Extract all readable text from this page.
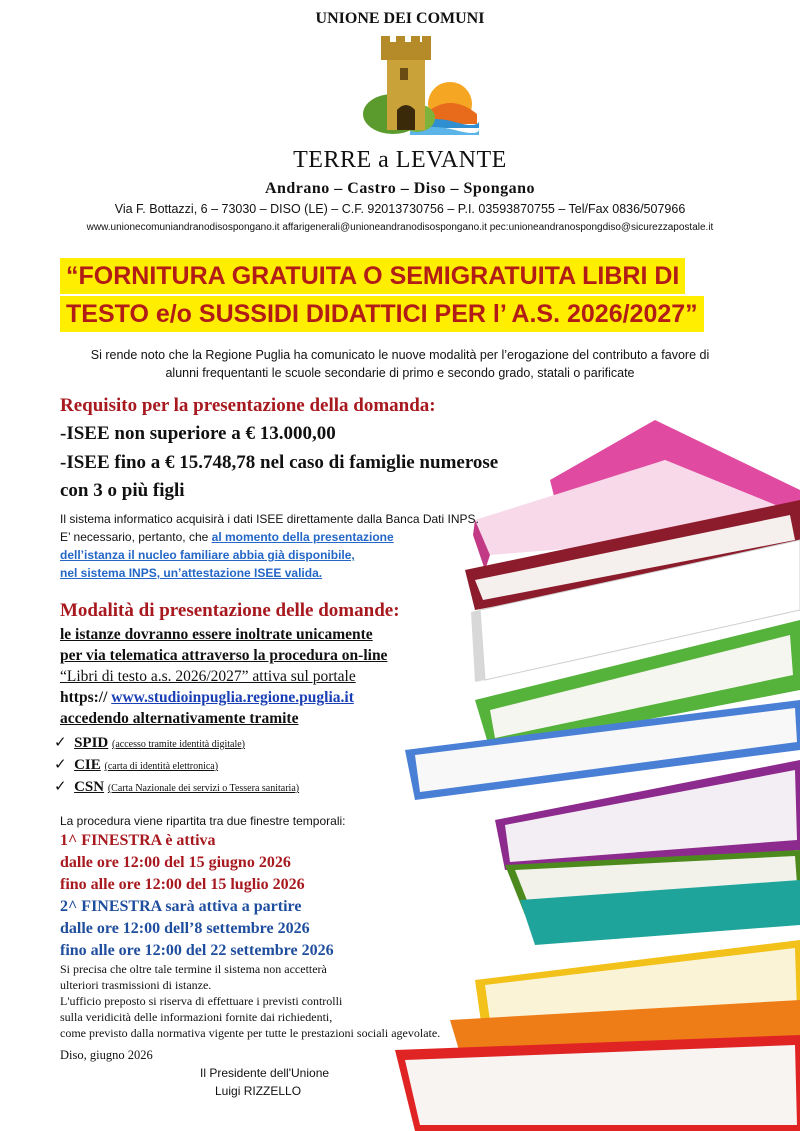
UNIONE DEI COMUNI
TERRE a LEVANTE
Andrano – Castro – Diso – Spongano
Via F. Bottazzi, 6 – 73030 – DISO (LE) – C.F. 92013730756 – P.I. 03593870755 – Tel/Fax 0836/507966
www.unionecomuniandranodisospongano.it affarigenerali@unioneandranodisospongano.it pec:unioneandranospongdiso@sicurezzapostale.it
“FORNITURA GRATUITA O SEMIGRATUITA LIBRI DI
TESTO e/o SUSSIDI DIDATTICI PER l’ A.S. 2026/2027”
Si rende noto che la Regione Puglia ha comunicato le nuove modalità per l’erogazione del contributo a favore di
alunni frequentanti le scuole secondarie di primo e secondo grado, statali o parificate
Requisito per la presentazione della domanda:
-ISEE non superiore a € 13.000,00
-ISEE fino a € 15.748,78 nel caso di famiglie numerose
con 3 o più figli
Il sistema informatico acquisirà i dati ISEE direttamente dalla Banca Dati INPS.
E’ necessario, pertanto, che al momento della presentazione
dell’istanza il nucleo familiare abbia già disponibile,
nel sistema INPS, un’attestazione ISEE valida.
Modalità di presentazione delle domande:
le istanze dovranno essere inoltrate unicamente
per via telematica attraverso la procedura on-line
“Libri di testo a.s. 2026/2027” attiva sul portale
https:// www.studioinpuglia.regione.puglia.it
accedendo alternativamente tramite
✓ SPID (accesso tramite identità digitale)
✓ CIE (carta di identità elettronica)
✓ CSN (Carta Nazionale dei servizi o Tessera sanitaria)
La procedura viene ripartita tra due finestre temporali:
1^ FINESTRA è attiva
dalle ore 12:00 del 15 giugno 2026
fino alle ore 12:00 del 15 luglio 2026
2^ FINESTRA sarà attiva a partire
dalle ore 12:00 dell’8 settembre 2026
fino alle ore 12:00 del 22 settembre 2026
Si precisa che oltre tale termine il sistema non accetterà
ulteriori trasmissioni di istanze.
L'ufficio preposto si riserva di effettuare i previsti controlli
sulla veridicità delle informazioni fornite dai richiedenti,
come previsto dalla normativa vigente per tutte le prestazioni sociali agevolate.
Diso, giugno 2026
Il Presidente dell'Unione
Luigi RIZZELLO
